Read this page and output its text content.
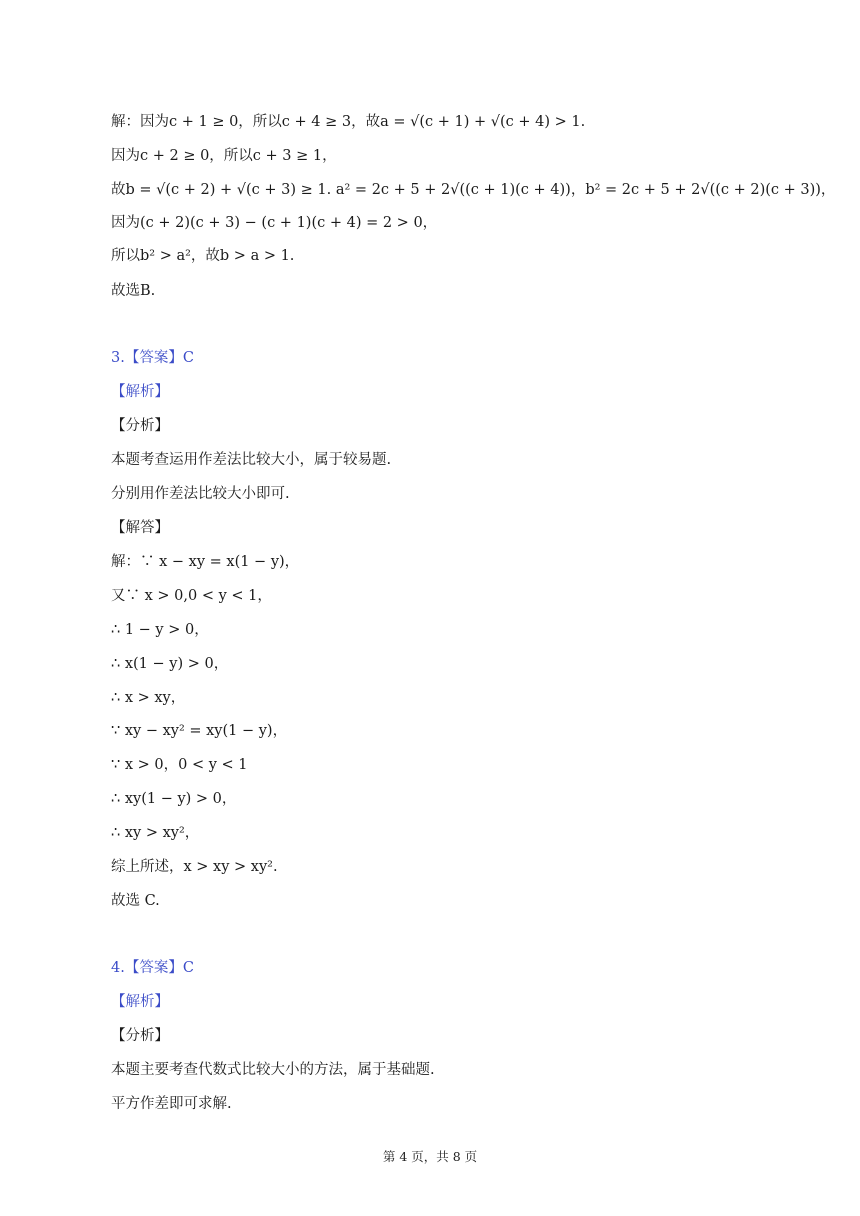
解：因为c + 1 ≥ 0，所以c + 4 ≥ 3，故a = √(c + 1) + √(c + 4) > 1.
因为c + 2 ≥ 0，所以c + 3 ≥ 1，
故b = √(c + 2) + √(c + 3) ≥ 1. a² = 2c + 5 + 2√((c + 1)(c + 4))，b² = 2c + 5 + 2√((c + 2)(c + 3))，
因为(c + 2)(c + 3) − (c + 1)(c + 4) = 2 > 0，
所以b² > a²，故b > a > 1.
故选B.
3.【答案】C
【解析】
【分析】
本题考查运用作差法比较大小，属于较易题.
分别用作差法比较大小即可.
【解答】
解：∵ x − xy = x(1 − y)，
又∵ x > 0,0 < y < 1，
∴ 1 − y > 0，
∴ x(1 − y) > 0，
∴ x > xy，
∵ xy − xy² = xy(1 − y)，
∵ x > 0，0 < y < 1
∴ xy(1 − y) > 0，
∴ xy > xy²，
综上所述，x > xy > xy².
故选 C.
4.【答案】C
【解析】
【分析】
本题主要考查代数式比较大小的方法，属于基础题.
平方作差即可求解.
第 4 页，共 8 页
